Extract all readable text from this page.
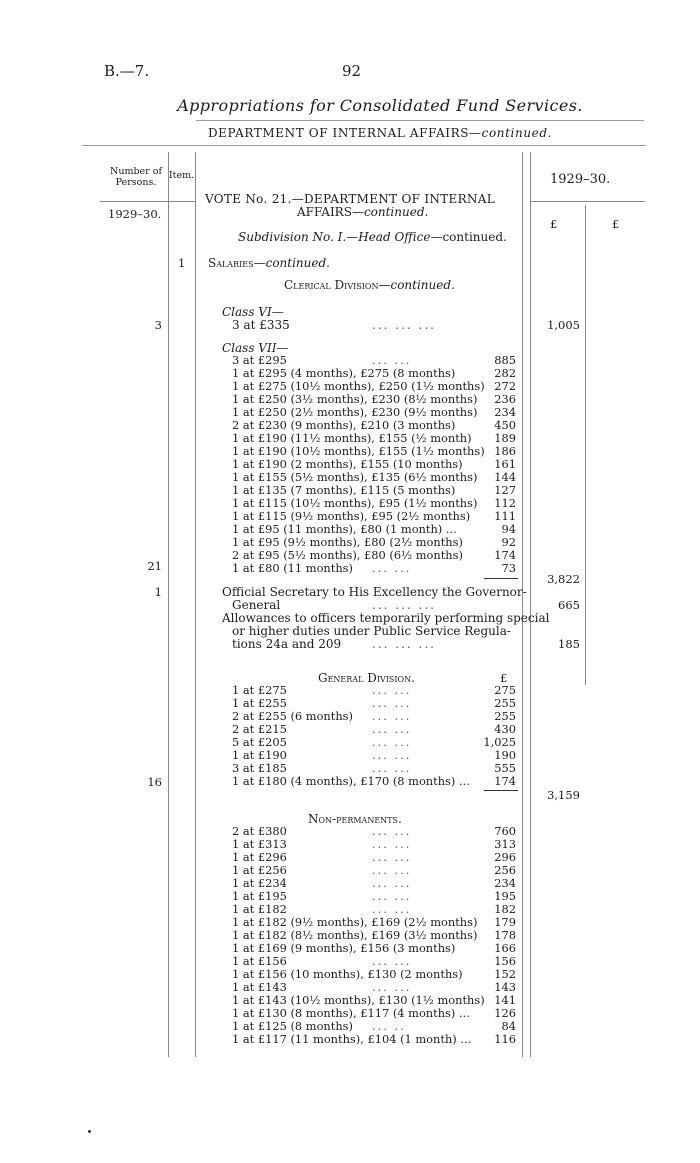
B.—7.	92
Appropriations for Consolidated Fund Services.
DEPARTMENT OF INTERNAL AFFAIRS—continued.
Number of Persons.
Item.	1929–30.
1929–30.
£	£
VOTE No. 21.—DEPARTMENT OF INTERNAL
AFFAIRS—continued.
Subdivision No. I.—Head Office—continued.
1 Salaries—continued.
Clerical Division—continued.
Class VI—
3 at £335	... ... ...
3	1,005
Class VII—
3 at £295	... ...	885
1 at £295 (4 months), £275 (8 months)	282
1 at £275 (10½ months), £250 (1½ months) 272
1 at £250 (3½ months), £230 (8½ months) 236
1 at £250 (2½ months), £230 (9½ months) 234
2 at £230 (9 months), £210 (3 months)	450
1 at £190 (11½ months), £155 (½ month) 189
1 at £190 (10½ months), £155 (1½ months) 186
1 at £190 (2 months), £155 (10 months)	161
1 at £155 (5½ months), £135 (6½ months) 144
1 at £135 (7 months), £115 (5 months)	127
1 at £115 (10½ months), £95 (1½ months) 112
1 at £115 (9½ months), £95 (2½ months) 111
1 at £95 (11 months), £80 (1 month) ...	94
1 at £95 (9½ months), £80 (2½ months)	92
2 at £95 (5½ months), £80 (6½ months)	174
1 at £80 (11 months) ... ...	73
21
3,822
1	Official Secretary to His Excellency the Governor-
General	... ... ...	665
Allowances to officers temporarily performing special
or higher duties under Public Service Regula-
tions 24a and 209	... ... ...	185
General Division.	£
1 at £275	... ...	275
1 at £255	... ...	255
2 at £255 (6 months) ... ...	255
2 at £215	... ...	430
5 at £205	... ...	1,025
1 at £190	... ...	190
3 at £185	... ...	555
1 at £180 (4 months), £170 (8 months) ... 174
16
3,159
Non-permanents.
2 at £380	... ...	760
1 at £313	... ...	313
1 at £296	... ...	296
1 at £256	... ...	256
1 at £234	... ...	234
1 at £195	... ...	195
1 at £182	... ...	182
1 at £182 (9½ months), £169 (2½ months) 179
1 at £182 (8½ months), £169 (3½ months) 178
1 at £169 (9 months), £156 (3 months)	166
1 at £156	... ...	156
1 at £156 (10 months), £130 (2 months)	152
1 at £143	... ...	143
1 at £143 (10½ months), £130 (1½ months) 141
1 at £130 (8 months), £117 (4 months) ... 126
1 at £125 (8 months) ... ..	84
1 at £117 (11 months), £104 (1 month) ... 116
